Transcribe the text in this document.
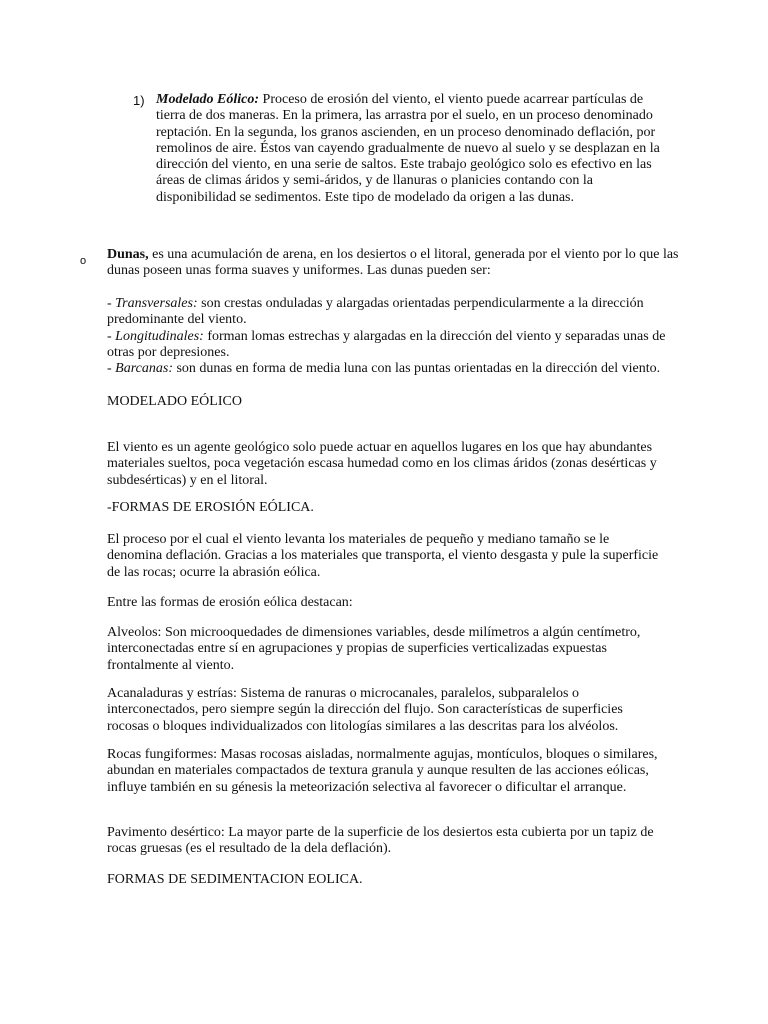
1) Modelado Eólico: Proceso de erosión del viento, el viento puede acarrear partículas de tierra de dos maneras. En la primera, las arrastra por el suelo, en un proceso denominado reptación. En la segunda, los granos ascienden, en un proceso denominado deflación, por remolinos de aire. Éstos van cayendo gradualmente de nuevo al suelo y se desplazan en la dirección del viento, en una serie de saltos. Este trabajo geológico solo es efectivo en las áreas de climas áridos y semi-áridos, y de llanuras o planicies contando con la disponibilidad se sedimentos. Este tipo de modelado da origen a las dunas.

o Dunas, es una acumulación de arena, en los desiertos o el litoral, generada por el viento por lo que las dunas poseen unas forma suaves y uniformes. Las dunas pueden ser:

- Transversales: son crestas onduladas y alargadas orientadas perpendicularmente a la dirección predominante del viento.

- Longitudinales: forman lomas estrechas y alargadas en la dirección del viento y separadas unas de otras por depresiones.

- Barcanas: son dunas en forma de media luna con las puntas orientadas en la dirección del viento.

MODELADO EÓLICO

El viento es un agente geológico solo puede actuar en aquellos lugares en los que hay abundantes materiales sueltos, poca vegetación escasa humedad como en los climas áridos (zonas desérticas y subdesérticas) y en el litoral.

-FORMAS DE EROSIÓN EÓLICA.

El proceso por el cual el viento levanta los materiales de pequeño y mediano tamaño se le denomina deflación. Gracias a los materiales que transporta, el viento desgasta y pule la superficie de las rocas; ocurre la abrasión eólica.

Entre las formas de erosión eólica destacan:

Alveolos: Son microoquedades de dimensiones variables, desde milímetros a algún centímetro, interconectadas entre sí en agrupaciones y propias de superficies verticalizadas expuestas frontalmente al viento.

Acanaladuras y estrías: Sistema de ranuras o microcanales, paralelos, subparalelos o interconectados, pero siempre según la dirección del flujo. Son características de superficies rocosas o bloques individualizados con litologías similares a las descritas para los alvéolos.

Rocas fungiformes: Masas rocosas aisladas, normalmente agujas, montículos, bloques o similares, abundan en materiales compactados de textura granula y aunque resulten de las acciones eólicas, influye también en su génesis la meteorización selectiva al favorecer o dificultar el arranque.

Pavimento desértico: La mayor parte de la superficie de los desiertos esta cubierta por un tapiz de rocas gruesas (es el resultado de la dela deflación).

FORMAS DE SEDIMENTACION EOLICA.
